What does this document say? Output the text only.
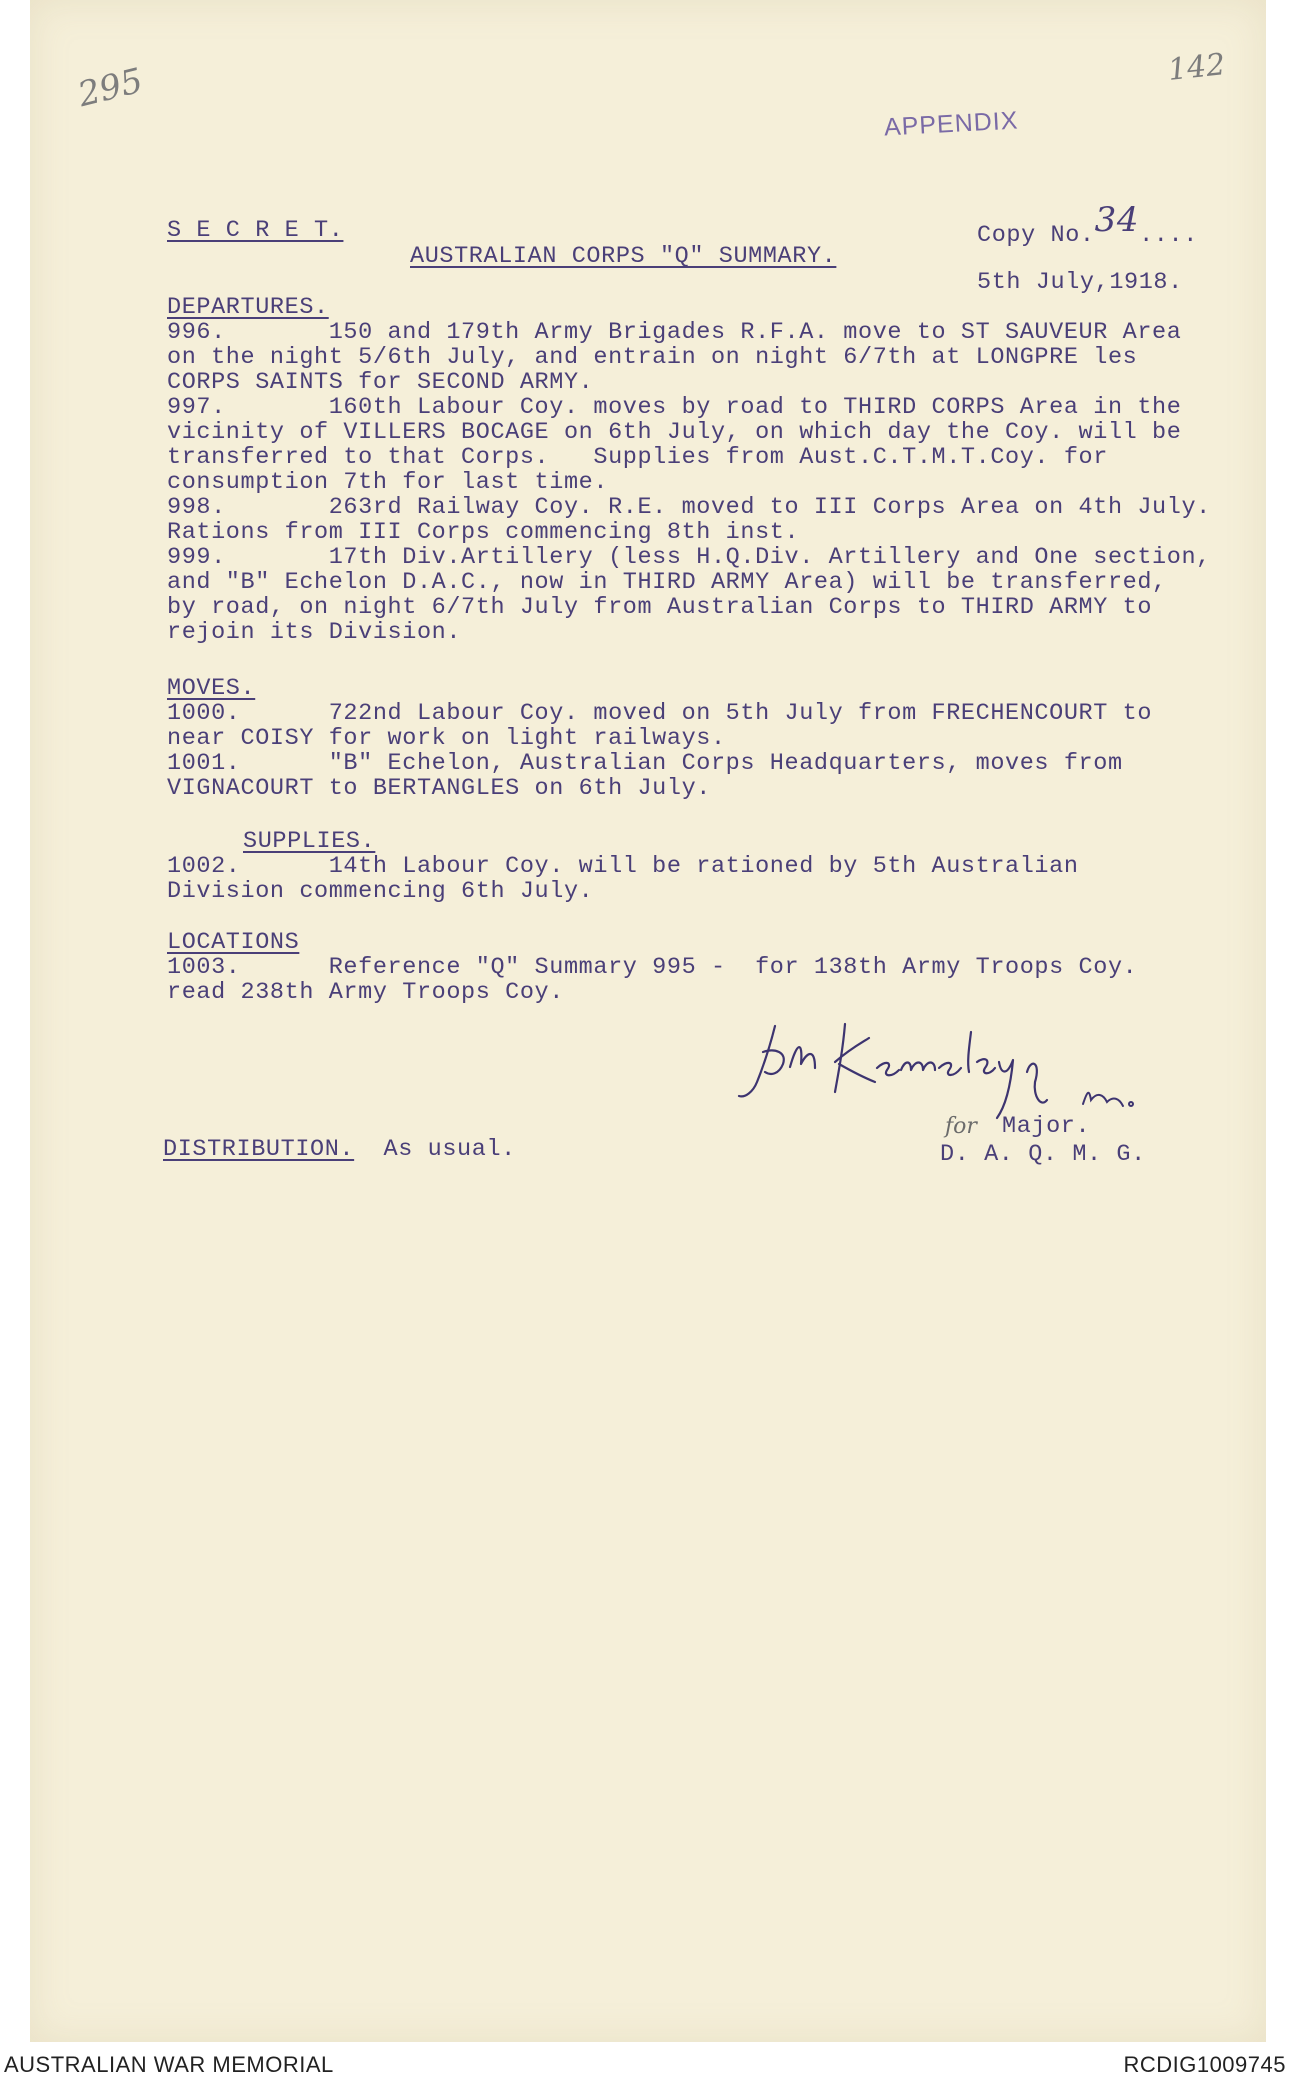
295	142
APPENDIX
S E C R E T.
AUSTRALIAN CORPS "Q" SUMMARY.
Copy No.34....
5th July,1918.
DEPARTURES.
996.       150 and 179th Army Brigades R.F.A. move to ST SAUVEUR Area
on the night 5/6th July, and entrain on night 6/7th at LONGPRE les
CORPS SAINTS for SECOND ARMY.
997.       160th Labour Coy. moves by road to THIRD CORPS Area in the
vicinity of VILLERS BOCAGE on 6th July, on which day the Coy. will be
transferred to that Corps.   Supplies from Aust.C.T.M.T.Coy. for
consumption 7th for last time.
998.       263rd Railway Coy. R.E. moved to III Corps Area on 4th July.
Rations from III Corps commencing 8th inst.
999.       17th Div.Artillery (less H.Q.Div. Artillery and One section,
and "B" Echelon D.A.C., now in THIRD ARMY Area) will be transferred,
by road, on night 6/7th July from Australian Corps to THIRD ARMY to
rejoin its Division.
MOVES.
1000.      722nd Labour Coy. moved on 5th July from FRECHENCOURT to
near COISY for work on light railways.
1001.      "B" Echelon, Australian Corps Headquarters, moves from
VIGNACOURT to BERTANGLES on 6th July.
SUPPLIES.
1002.      14th Labour Coy. will be rationed by 5th Australian
Division commencing 6th July.
LOCATIONS
1003.      Reference "Q" Summary 995 -  for 138th Army Troops Coy.
read 238th Army Troops Coy.
for Major.
D. A. Q. M. G.
DISTRIBUTION. As usual.
AUSTRALIAN WAR MEMORIAL	RCDIG1009745
